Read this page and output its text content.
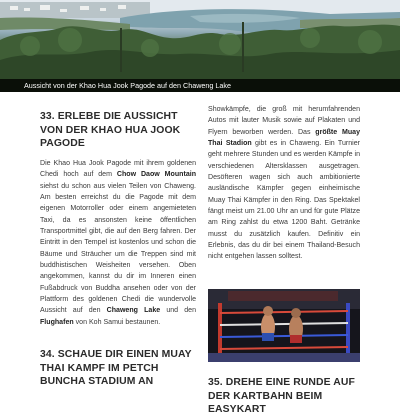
Aussicht von der Khao Hua Jook Pagode auf den Chaweng Lake
33. ERLEBE DIE AUSSICHT VON DER KHAO HUA JOOK PAGODE
Die Khao Hua Jook Pagode mit ihrem goldenen Chedi hoch auf dem Chow Daow Mountain siehst du schon aus vielen Teilen von Chaweng. Am besten erreichst du die Pagode mit dem eigenen Motorroller oder einem angemieteten Taxi, da es ansonsten keine öffentlichen Transportmittel gibt, die auf den Berg fahren. Der Eintritt in den Tempel ist kostenlos und schon die Bäume und Sträucher um die Treppen sind mit buddhistischen Weisheiten versehen. Oben angekommen, kannst du dir im Inneren einen Fußabdruck von Buddha ansehen oder von der Plattform des goldenen Chedi die wundervolle Aussicht auf den Chaweng Lake und den Flughafen von Koh Samui bestaunen.
34. SCHAUE DIR EINEN MUAY THAI KAMPF IM PETCH BUNCHA STADIUM AN
Showkämpfe, die groß mit herumfahrenden Autos mit lauter Musik sowie auf Plakaten und Flyern beworben werden. Das größte Muay Thai Stadion gibt es in Chaweng. Ein Turnier geht mehrere Stunden und es werden Kämpfe in verschiedenen Altersklassen ausgetragen. Desöfteren wagen sich auch ambitionierte ausländische Kämpfer gegen einheimische Muay Thai Kämpfer in den Ring. Das Spektakel fängt meist um 21.00 Uhr an und für gute Plätze am Ring zahlst du etwa 1200 Baht. Getränke musst du zusätzlich kaufen. Definitiv ein Erlebnis, das du dir bei einem Thailand-Besuch nicht entgehen lassen solltest.
35. DREHE EINE RUNDE AUF DER KARTBAHN BEIM EASYKART
